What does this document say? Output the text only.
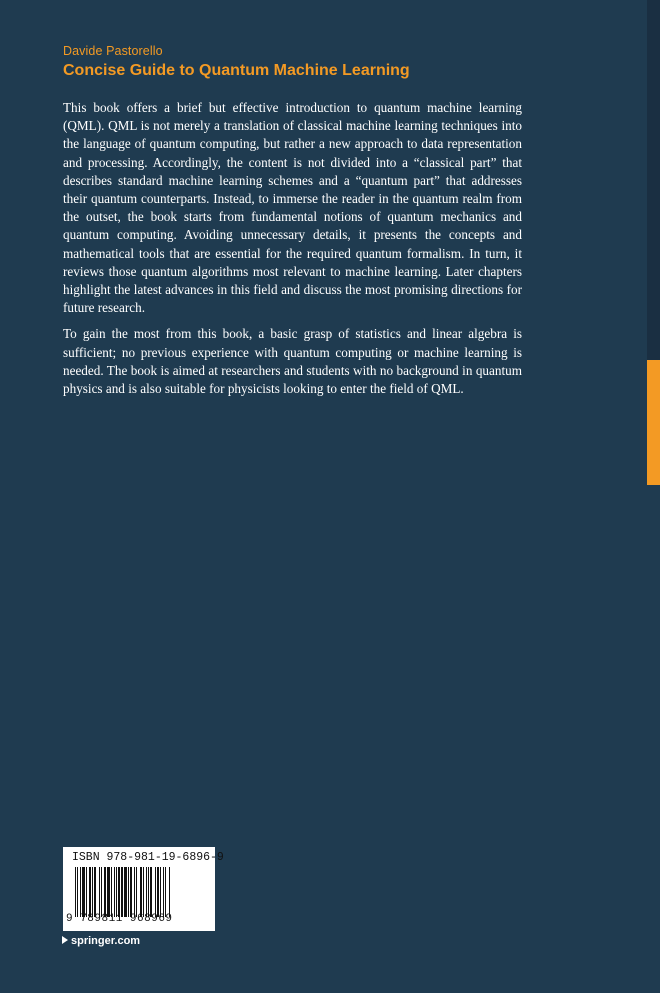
Davide Pastorello
Concise Guide to Quantum Machine Learning

This book offers a brief but effective introduction to quantum machine learning (QML). QML is not merely a translation of classical machine learning techniques into the language of quantum computing, but rather a new approach to data representation and processing. Accordingly, the content is not divided into a “classical part” that describes standard machine learning schemes and a “quantum part” that addresses their quantum counterparts. Instead, to immerse the reader in the quantum realm from the outset, the book starts from fundamental notions of quantum mechanics and quantum computing. Avoiding unnecessary details, it presents the concepts and mathematical tools that are essential for the required quantum formalism. In turn, it reviews those quantum algorithms most relevant to machine learning. Later chapters highlight the latest advances in this field and discuss the most promising directions for future research.

To gain the most from this book, a basic grasp of statistics and linear algebra is sufficient; no previous experience with quantum computing or machine learning is needed. The book is aimed at researchers and students with no background in quantum physics and is also suitable for physicists looking to enter the field of QML.

ISBN 978-981-19-6896-9
9 789811 968969
springer.com
